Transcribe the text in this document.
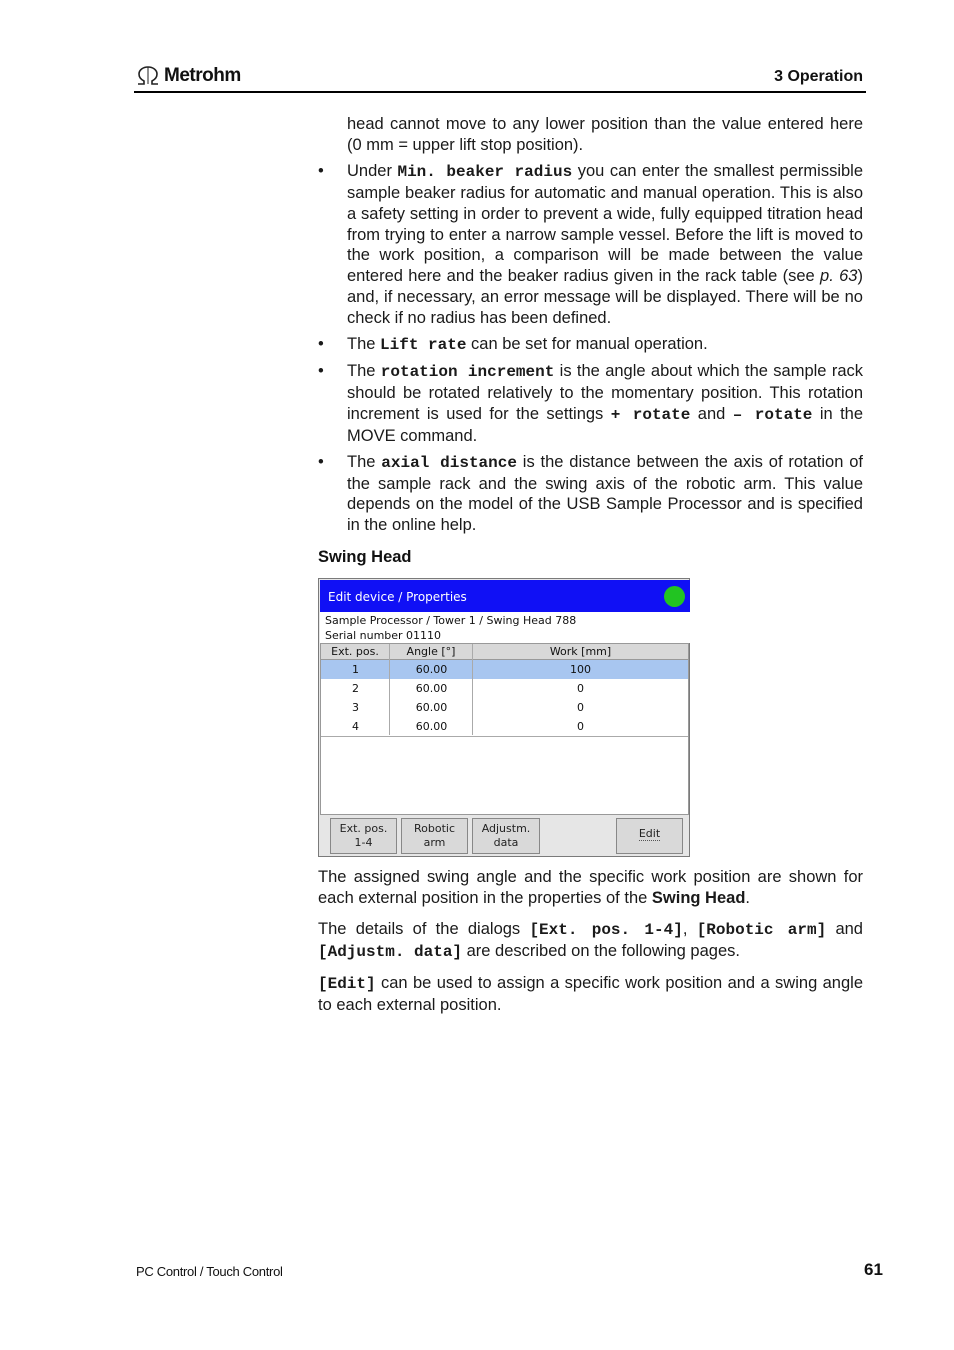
Metrohm	3 Operation

head cannot move to any lower position than the value entered here (0 mm = upper lift stop position).

• Under Min. beaker radius you can enter the smallest permissible sample beaker radius for automatic and manual operation. This is also a safety setting in order to prevent a wide, fully equipped titration head from trying to enter a narrow sample vessel. Before the lift is moved to the work position, a comparison will be made between the value entered here and the beaker radius given in the rack table (see p. 63) and, if necessary, an error message will be displayed. There will be no check if no radius has been defined.
• The Lift rate can be set for manual operation.
• The rotation increment is the angle about which the sample rack should be rotated relatively to the momentary position. This rotation increment is used for the settings + rotate and – rotate in the MOVE command.
• The axial distance is the distance between the axis of rotation of the sample rack and the swing axis of the robotic arm. This value depends on the model of the USB Sample Processor and is specified in the online help.
Swing Head
Edit device / Properties
Sample Processor / Tower 1 / Swing Head 788
Serial number 01110
Ext. pos.	Angle [°]	Work [mm]
1	60.00	100
2	60.00	0
3	60.00	0
4	60.00	0
Ext. pos.
1-4
Robotic
arm
Adjustm.
data
Edit

The assigned swing angle and the specific work position are shown for each external position in the properties of the Swing Head.

The details of the dialogs [Ext. pos. 1-4], [Robotic arm] and [Adjustm. data] are described on the following pages.

[Edit] can be used to assign a specific work position and a swing angle to each external position.

PC Control / Touch Control	61
